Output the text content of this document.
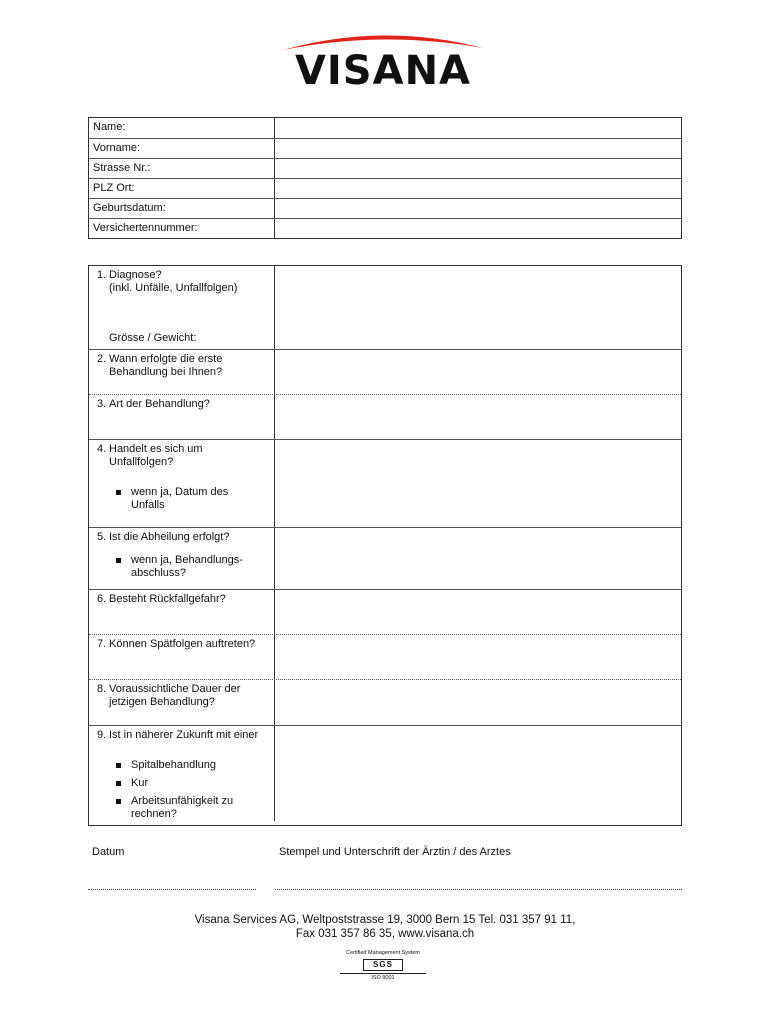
VISANA
Name:
Vorname:
Strasse Nr.:
PLZ Ort:
Geburtsdatum:
Versichertennummer:
1. Diagnose?
(inkl. Unfälle, Unfallfolgen)
Grösse / Gewicht:
2. Wann erfolgte die erste
Behandlung bei Ihnen?
3. Art der Behandlung?
4. Handelt es sich um
Unfallfolgen?
wenn ja, Datum des Unfalls
5. Ist die Abheilung erfolgt?
wenn ja, Behandlungs-abschluss?
6. Besteht Rückfallgefahr?
7. Können Spätfolgen auftreten?
8. Voraussichtliche Dauer der
jetzigen Behandlung?
9. Ist in näherer Zukunft mit einer
Spitalbehandlung
Kur
Arbeitsunfähigkeit zu rechnen?
Datum	Stempel und Unterschrift der Ärztin / des Arztes
Visana Services AG, Weltpoststrasse 19, 3000 Bern 15 Tel. 031 357 91 11,
Fax 031 357 86 35, www.visana.ch
Certified Management System
SGS
ISO 9001
